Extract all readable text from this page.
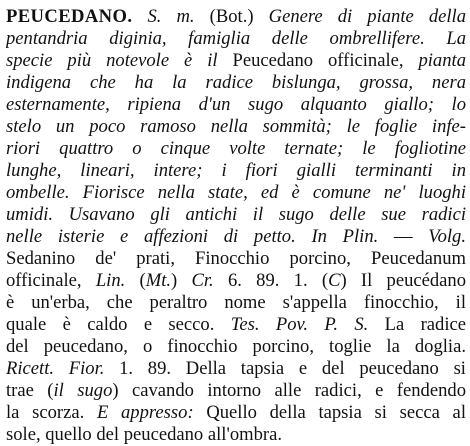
PEUCEDANO. S. m. (Bot.) Genere di piante della
pentandria diginia, famiglia delle ombrellifere. La
specie più notevole è il Peucedano officinale, pianta
indigena che ha la radice bislunga, grossa, nera
esternamente, ripiena d'un sugo alquanto giallo; lo
stelo un poco ramoso nella sommità; le foglie infe-
riori quattro o cinque volte ternate; le fogliotine
lunghe, lineari, intere; i fiori gialli terminanti in
ombelle. Fiorisce nella state, ed è comune ne' luoghi
umidi. Usavano gli antichi il sugo delle sue radici
nelle isterie e affezioni di petto. In Plin. — Volg.
Sedanino de' prati, Finocchio porcino, Peucedanum
officinale, Lin. (Mt.) Cr. 6. 89. 1. (C) Il peucédano
è un'erba, che peraltro nome s'appella finocchio, il
quale è caldo e secco. Tes. Pov. P. S. La radice
del peucedano, o finocchio porcino, toglie la doglia.
Ricett. Fior. 1. 89. Della tapsia e del peucedano si
trae (il sugo) cavando intorno alle radici, e fendendo
la scorza. E appresso: Quello della tapsia si secca al
sole, quello del peucedano all'ombra.
